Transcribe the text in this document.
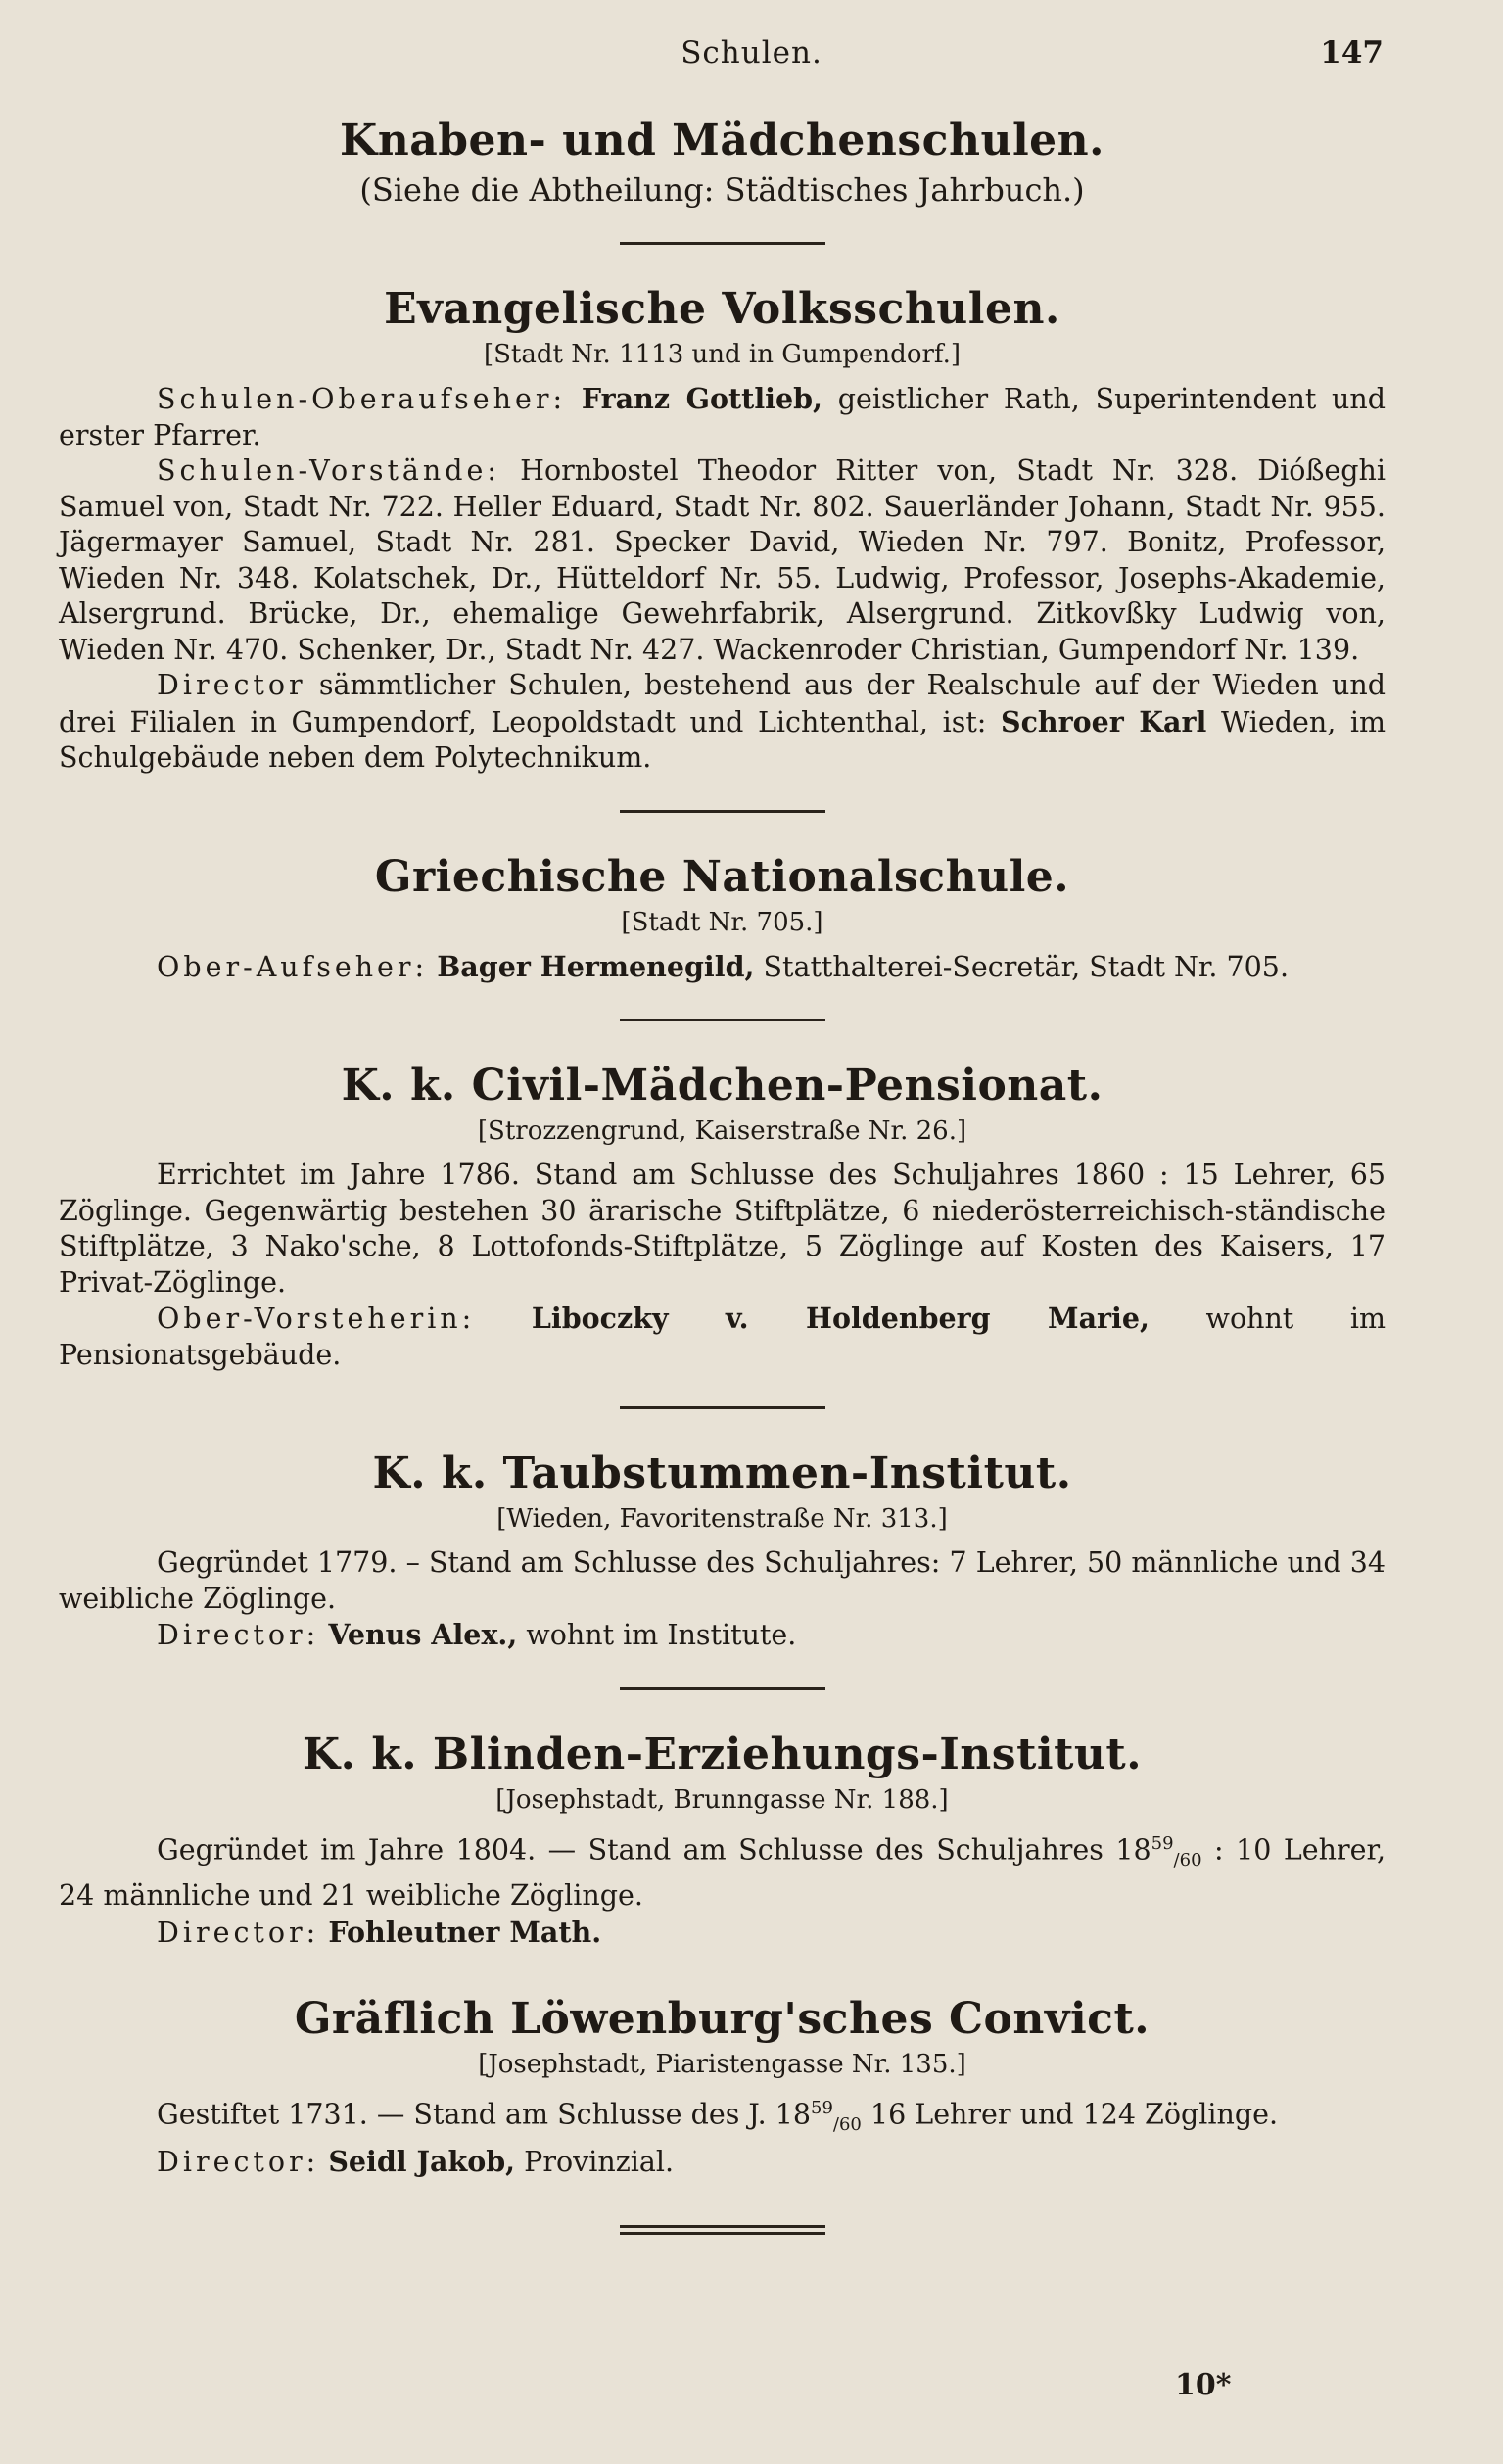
Schulen.	147
Knaben- und Mädchenschulen.

(Siehe die Abtheilung: Städtisches Jahrbuch.)

Evangelische Volksschulen.

[Stadt Nr. 1113 und in Gumpendorf.]

Schulen-Oberaufseher: Franz Gottlieb, geistlicher Rath, Superintendent und erster Pfarrer.

Schulen-Vorstände: Hornbostel Theodor Ritter von, Stadt Nr. 328. Dióßeghi Samuel von, Stadt Nr. 722. Heller Eduard, Stadt Nr. 802. Sauerländer Johann, Stadt Nr. 955. Jägermayer Samuel, Stadt Nr. 281. Specker David, Wieden Nr. 797. Bonitz, Professor, Wieden Nr. 348. Kolatschek, Dr., Hütteldorf Nr. 55. Ludwig, Professor, Josephs-Akademie, Alsergrund. Brücke, Dr., ehemalige Gewehrfabrik, Alsergrund. Zitkovßky Ludwig von, Wieden Nr. 470. Schenker, Dr., Stadt Nr. 427. Wackenroder Christian, Gumpendorf Nr. 139.

Director sämmtlicher Schulen, bestehend aus der Realschule auf der Wieden und drei Filialen in Gumpendorf, Leopoldstadt und Lichtenthal, ist: Schroer Karl Wieden, im Schulgebäude neben dem Polytechnikum.

Griechische Nationalschule.

[Stadt Nr. 705.]

Ober-Aufseher: Bager Hermenegild, Statthalterei-Secretär, Stadt Nr. 705.

K. k. Civil-Mädchen-Pensionat.

[Strozzengrund, Kaiserstraße Nr. 26.]

Errichtet im Jahre 1786. Stand am Schlusse des Schuljahres 1860 : 15 Lehrer, 65 Zöglinge. Gegenwärtig bestehen 30 ärarische Stiftplätze, 6 niederösterreichisch-ständische Stiftplätze, 3 Nako'sche, 8 Lottofonds-Stiftplätze, 5 Zöglinge auf Kosten des Kaisers, 17 Privat-Zöglinge.

Ober-Vorsteherin: Liboczky v. Holdenberg Marie, wohnt im Pensionatsgebäude.

K. k. Taubstummen-Institut.

[Wieden, Favoritenstraße Nr. 313.]

Gegründet 1779. – Stand am Schlusse des Schuljahres: 7 Lehrer, 50 männliche und 34 weibliche Zöglinge.

Director: Venus Alex., wohnt im Institute.

K. k. Blinden-Erziehungs-Institut.

[Josephstadt, Brunngasse Nr. 188.]

Gegründet im Jahre 1804. — Stand am Schlusse des Schuljahres $18^{59}_{/60}$ : 10 Lehrer, 24 männliche und 21 weibliche Zöglinge.

Director: Fohleutner Math.

Gräflich Löwenburg'sches Convict.

[Josephstadt, Piaristengasse Nr. 135.]

Gestiftet 1731. — Stand am Schlusse des J. $18^{59}_{/60}$ 16 Lehrer und 124 Zöglinge.

Director: Seidl Jakob, Provinzial.

10*
